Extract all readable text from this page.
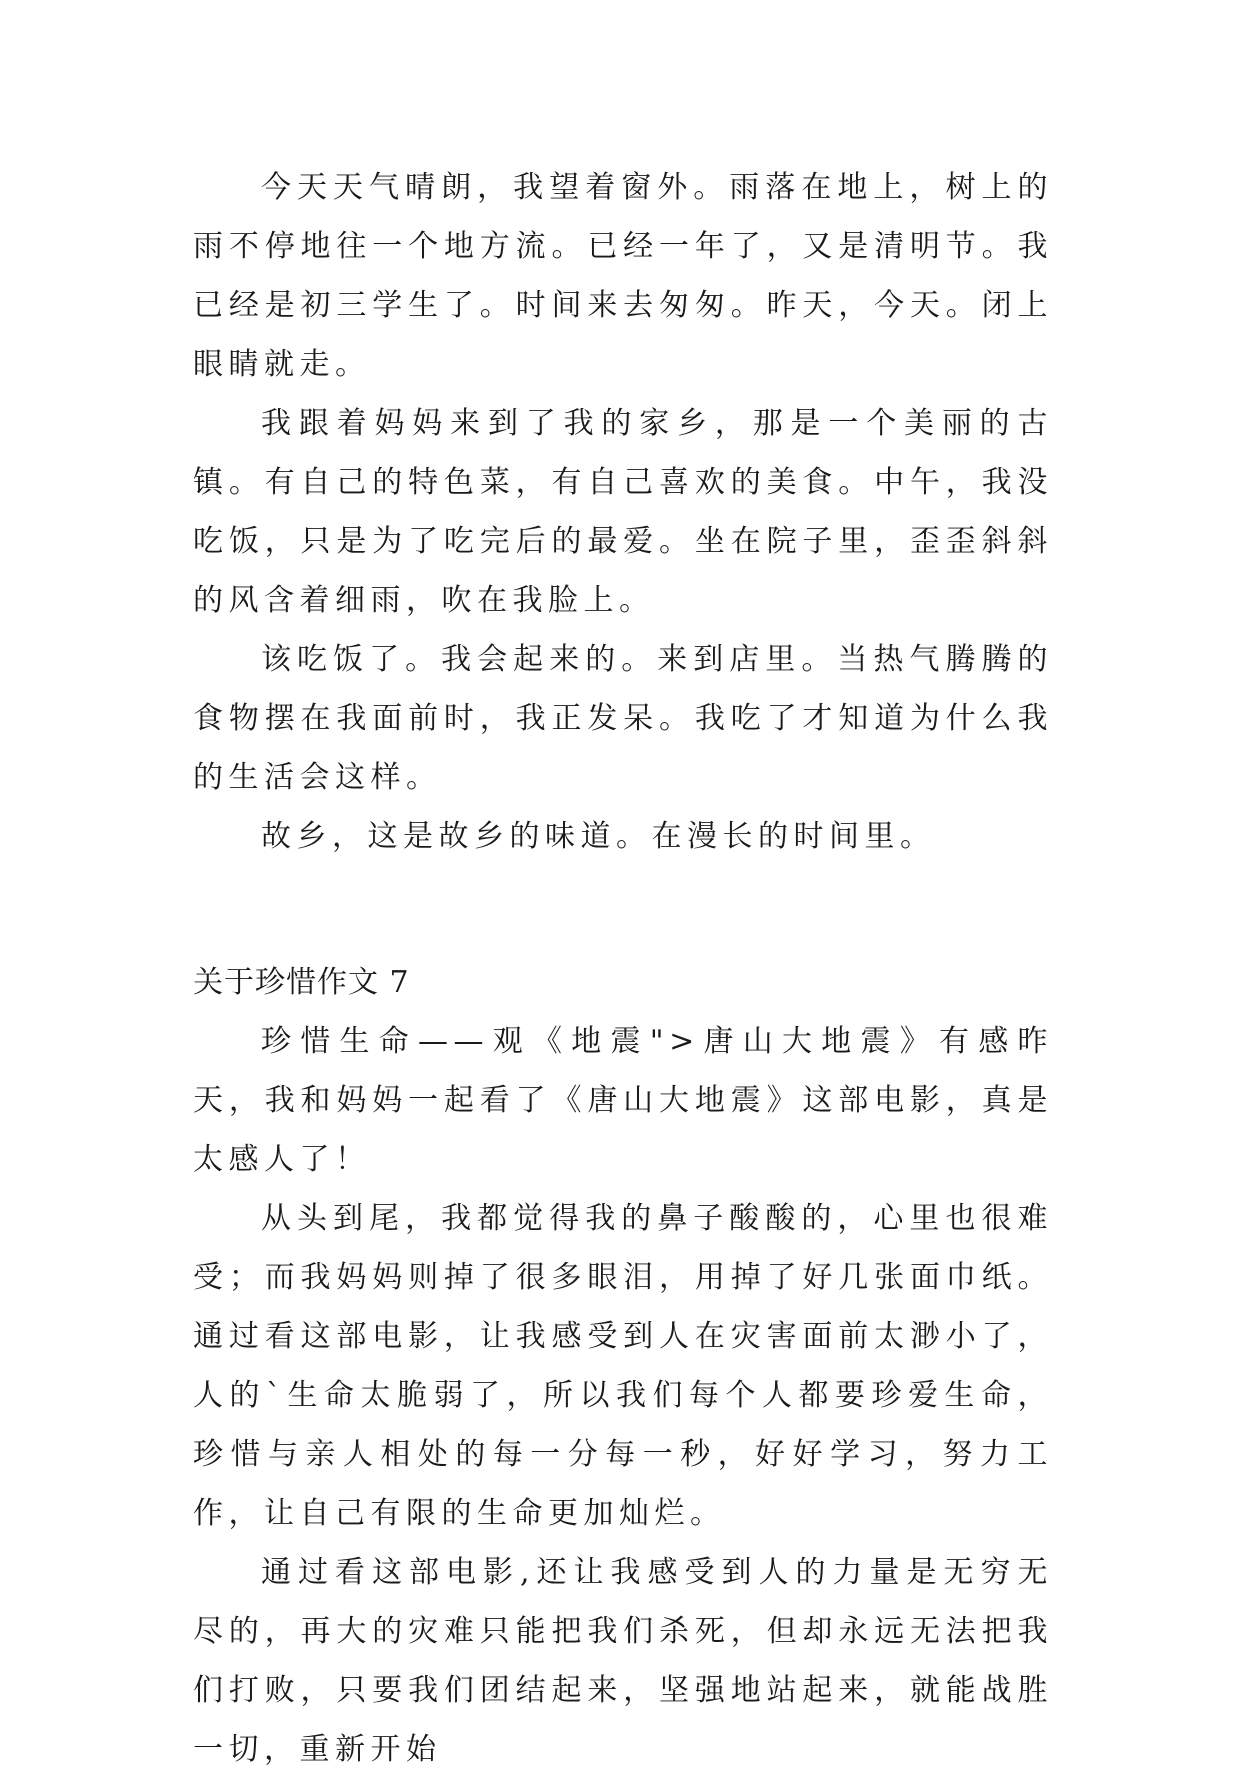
今天天气晴朗，我望着窗外。雨落在地上，树上的雨不停地往一个地方流。已经一年了，又是清明节。我已经是初三学生了。时间来去匆匆。昨天，今天。闭上眼睛就走。

我跟着妈妈来到了我的家乡，那是一个美丽的古镇。有自己的特色菜，有自己喜欢的美食。中午，我没吃饭，只是为了吃完后的最爱。坐在院子里，歪歪斜斜的风含着细雨，吹在我脸上。

该吃饭了。我会起来的。来到店里。当热气腾腾的食物摆在我面前时，我正发呆。我吃了才知道为什么我的生活会这样。

故乡，这是故乡的味道。在漫长的时间里。

关于珍惜作文 7

珍惜生命——观《地震">唐山大地震》有感昨天，我和妈妈一起看了《唐山大地震》这部电影，真是太感人了！

从头到尾，我都觉得我的鼻子酸酸的，心里也很难受；而我妈妈则掉了很多眼泪，用掉了好几张面巾纸。通过看这部电影，让我感受到人在灾害面前太渺小了，人的`生命太脆弱了，所以我们每个人都要珍爱生命，珍惜与亲人相处的每一分每一秒，好好学习，努力工作，让自己有限的生命更加灿烂。

通过看这部电影,还让我感受到人的力量是无穷无尽的，再大的灾难只能把我们杀死，但却永远无法把我们打败，只要我们团结起来，坚强地站起来，就能战胜一切，重新开始
